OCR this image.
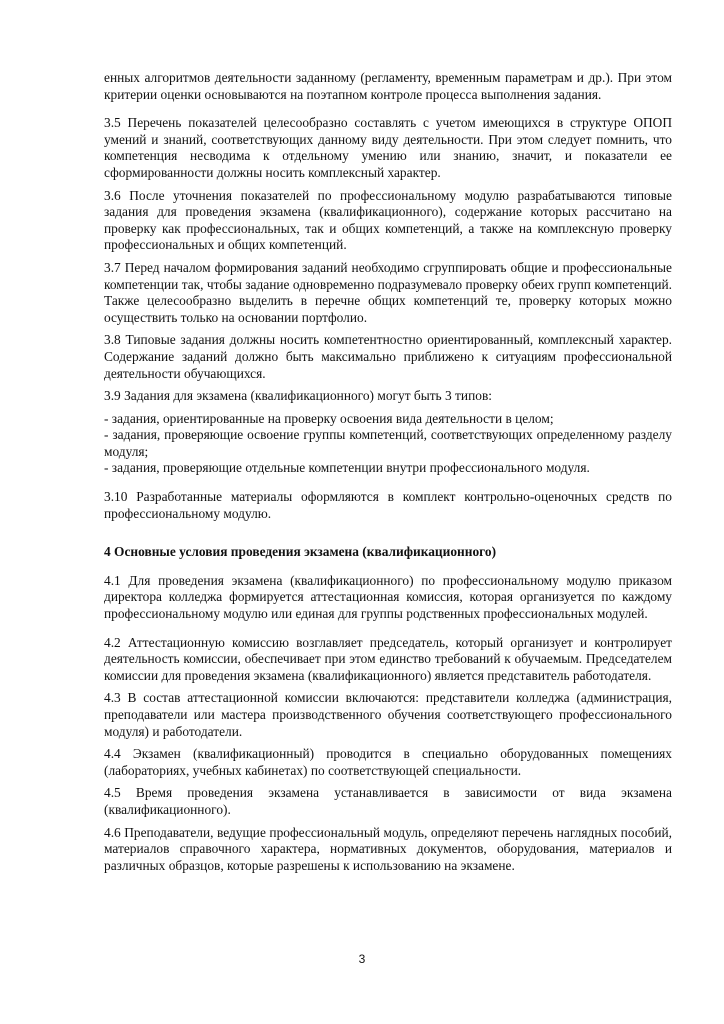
енных алгоритмов деятельности заданному (регламенту, временным параметрам и др.). При этом критерии оценки основываются на поэтапном контроле процесса выполнения задания.

3.5 Перечень показателей целесообразно составлять с учетом имеющихся в структуре ОПОП умений и знаний, соответствующих данному виду деятельности. При этом следует помнить, что компетенция несводима к отдельному умению или знанию, значит, и показатели ее сформированности должны носить комплексный характер.

3.6 После уточнения показателей по профессиональному модулю разрабатываются типовые задания для проведения экзамена (квалификационного), содержание которых рассчитано на проверку как профессиональных, так и общих компетенций, а также на комплексную проверку профессиональных и общих компетенций.

3.7 Перед началом формирования заданий необходимо сгруппировать общие и профессиональные компетенции так, чтобы задание одновременно подразумевало проверку обеих групп компетенций. Также целесообразно выделить в перечне общих компетенций те, проверку которых можно осуществить только на основании портфолио.

3.8 Типовые задания должны носить компетентностно ориентированный, комплексный характер. Содержание заданий должно быть максимально приближено к ситуациям профессиональной деятельности обучающихся.

3.9 Задания для экзамена (квалификационного) могут быть 3 типов:

- задания, ориентированные на проверку освоения вида деятельности в целом;

- задания, проверяющие освоение группы компетенций, соответствующих определенному разделу модуля;

- задания, проверяющие отдельные компетенции внутри профессионального модуля.

3.10 Разработанные материалы оформляются в комплект контрольно-оценочных средств по профессиональному модулю.

4 Основные условия проведения экзамена (квалификационного)

4.1 Для проведения экзамена (квалификационного) по профессиональному модулю приказом директора колледжа формируется аттестационная комиссия, которая организуется по каждому профессиональному модулю или единая для группы родственных профессиональных модулей.

4.2 Аттестационную комиссию возглавляет председатель, который организует и контролирует деятельность комиссии, обеспечивает при этом единство требований к обучаемым. Председателем комиссии для проведения экзамена (квалификационного) является представитель работодателя.

4.3 В состав аттестационной комиссии включаются: представители колледжа (администрация, преподаватели или мастера производственного обучения соответствующего профессионального модуля) и работодатели.

4.4 Экзамен (квалификационный) проводится в специально оборудованных помещениях (лабораториях, учебных кабинетах) по соответствующей специальности.

4.5 Время проведения экзамена устанавливается в зависимости от вида экзамена (квалификационного).

4.6 Преподаватели, ведущие профессиональный модуль, определяют перечень наглядных пособий, материалов справочного характера, нормативных документов, оборудования, материалов и различных образцов, которые разрешены к использованию на экзамене.

3
